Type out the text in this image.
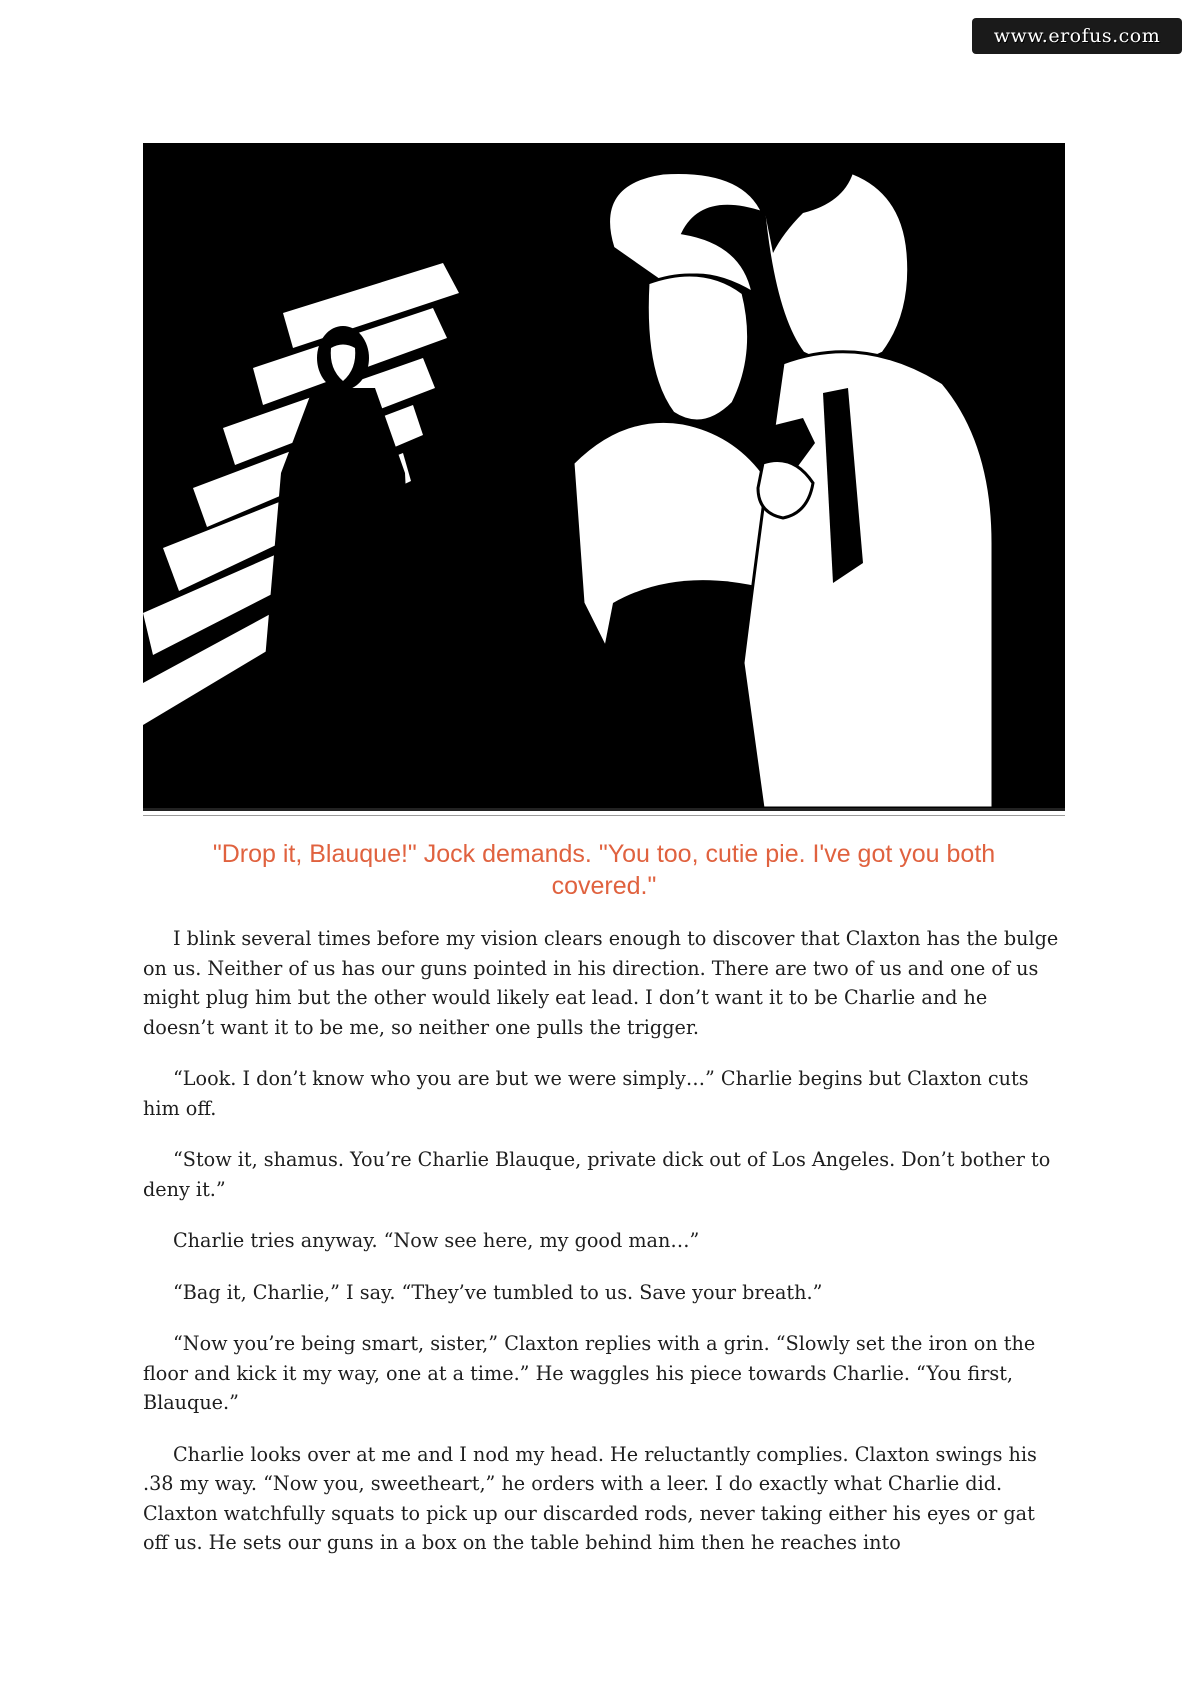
www.erofus.com
"Drop it, Blauque!" Jock demands. "You too, cutie pie. I've got you both covered."

I blink several times before my vision clears enough to discover that Claxton has the bulge on us. Neither of us has our guns pointed in his direction. There are two of us and one of us might plug him but the other would likely eat lead. I don’t want it to be Charlie and he doesn’t want it to be me, so neither one pulls the trigger.

“Look. I don’t know who you are but we were simply…” Charlie begins but Claxton cuts him off.

“Stow it, shamus. You’re Charlie Blauque, private dick out of Los Angeles. Don’t bother to deny it.”

Charlie tries anyway. “Now see here, my good man…”

“Bag it, Charlie,” I say. “They’ve tumbled to us. Save your breath.”

“Now you’re being smart, sister,” Claxton replies with a grin. “Slowly set the iron on the floor and kick it my way, one at a time.” He waggles his piece towards Charlie. “You first, Blauque.”

Charlie looks over at me and I nod my head. He reluctantly complies. Claxton swings his .38 my way. “Now you, sweetheart,” he orders with a leer. I do exactly what Charlie did. Claxton watchfully squats to pick up our discarded rods, never taking either his eyes or gat off us. He sets our guns in a box on the table behind him then he reaches into
